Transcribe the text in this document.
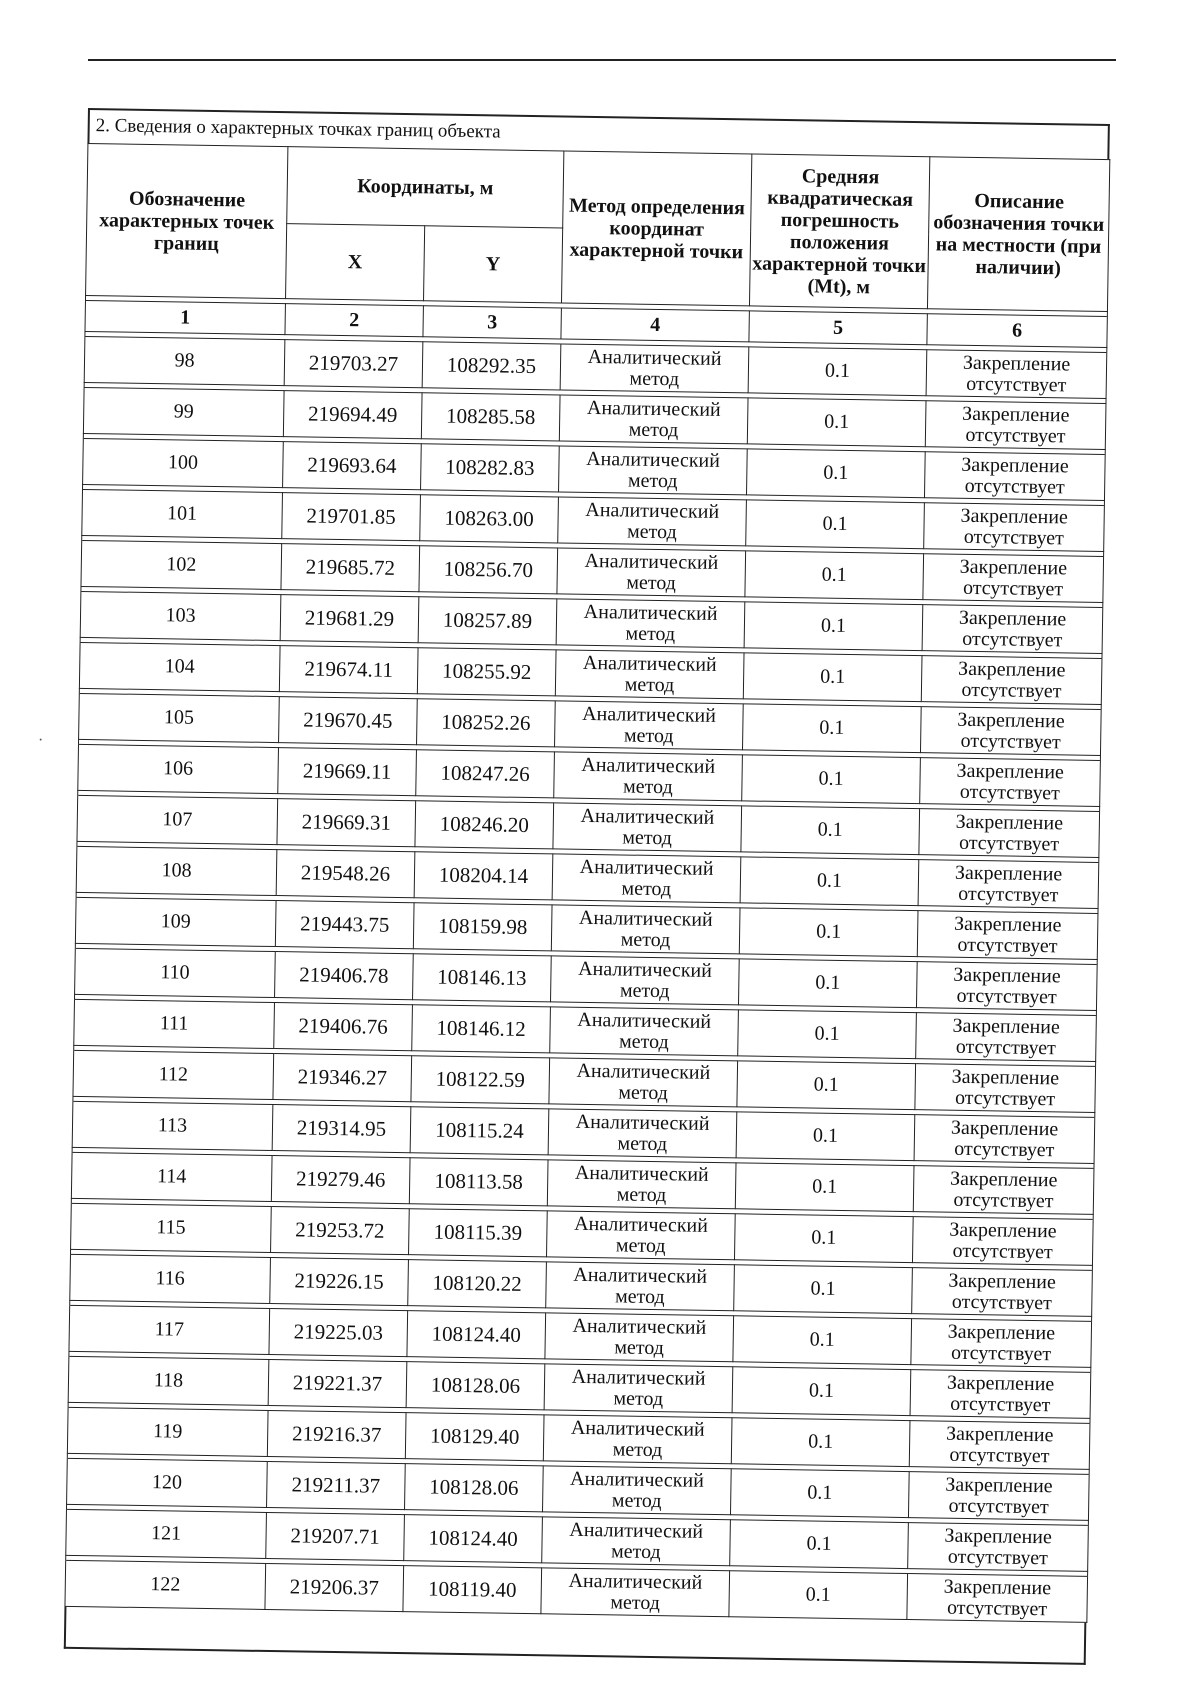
2. Сведения о характерных точках границ объекта
Обозначение характерных точек границ	Координаты, м		Метод определения координат характерной точки	Средняя квадратическая погрешность положения характерной точки (Mt), м	Описание обозначения точки на местности (при наличии)
	X	Y			

1	2	3	4	5	6

98	219703.27	108292.35	Аналитический метод	0.1	Закрепление отсутствует

99	219694.49	108285.58	Аналитический метод	0.1	Закрепление отсутствует

100	219693.64	108282.83	Аналитический метод	0.1	Закрепление отсутствует

101	219701.85	108263.00	Аналитический метод	0.1	Закрепление отсутствует

102	219685.72	108256.70	Аналитический метод	0.1	Закрепление отсутствует

103	219681.29	108257.89	Аналитический метод	0.1	Закрепление отсутствует

104	219674.11	108255.92	Аналитический метод	0.1	Закрепление отсутствует

105	219670.45	108252.26	Аналитический метод	0.1	Закрепление отсутствует

106	219669.11	108247.26	Аналитический метод	0.1	Закрепление отсутствует

107	219669.31	108246.20	Аналитический метод	0.1	Закрепление отсутствует

108	219548.26	108204.14	Аналитический метод	0.1	Закрепление отсутствует

109	219443.75	108159.98	Аналитический метод	0.1	Закрепление отсутствует

110	219406.78	108146.13	Аналитический метод	0.1	Закрепление отсутствует

111	219406.76	108146.12	Аналитический метод	0.1	Закрепление отсутствует

112	219346.27	108122.59	Аналитический метод	0.1	Закрепление отсутствует

113	219314.95	108115.24	Аналитический метод	0.1	Закрепление отсутствует

114	219279.46	108113.58	Аналитический метод	0.1	Закрепление отсутствует

115	219253.72	108115.39	Аналитический метод	0.1	Закрепление отсутствует

116	219226.15	108120.22	Аналитический метод	0.1	Закрепление отсутствует

117	219225.03	108124.40	Аналитический метод	0.1	Закрепление отсутствует

118	219221.37	108128.06	Аналитический метод	0.1	Закрепление отсутствует

119	219216.37	108129.40	Аналитический метод	0.1	Закрепление отсутствует

120	219211.37	108128.06	Аналитический метод	0.1	Закрепление отсутствует

121	219207.71	108124.40	Аналитический метод	0.1	Закрепление отсутствует

122	219206.37	108119.40	Аналитический метод	0.1	Закрепление отсутствует
·
